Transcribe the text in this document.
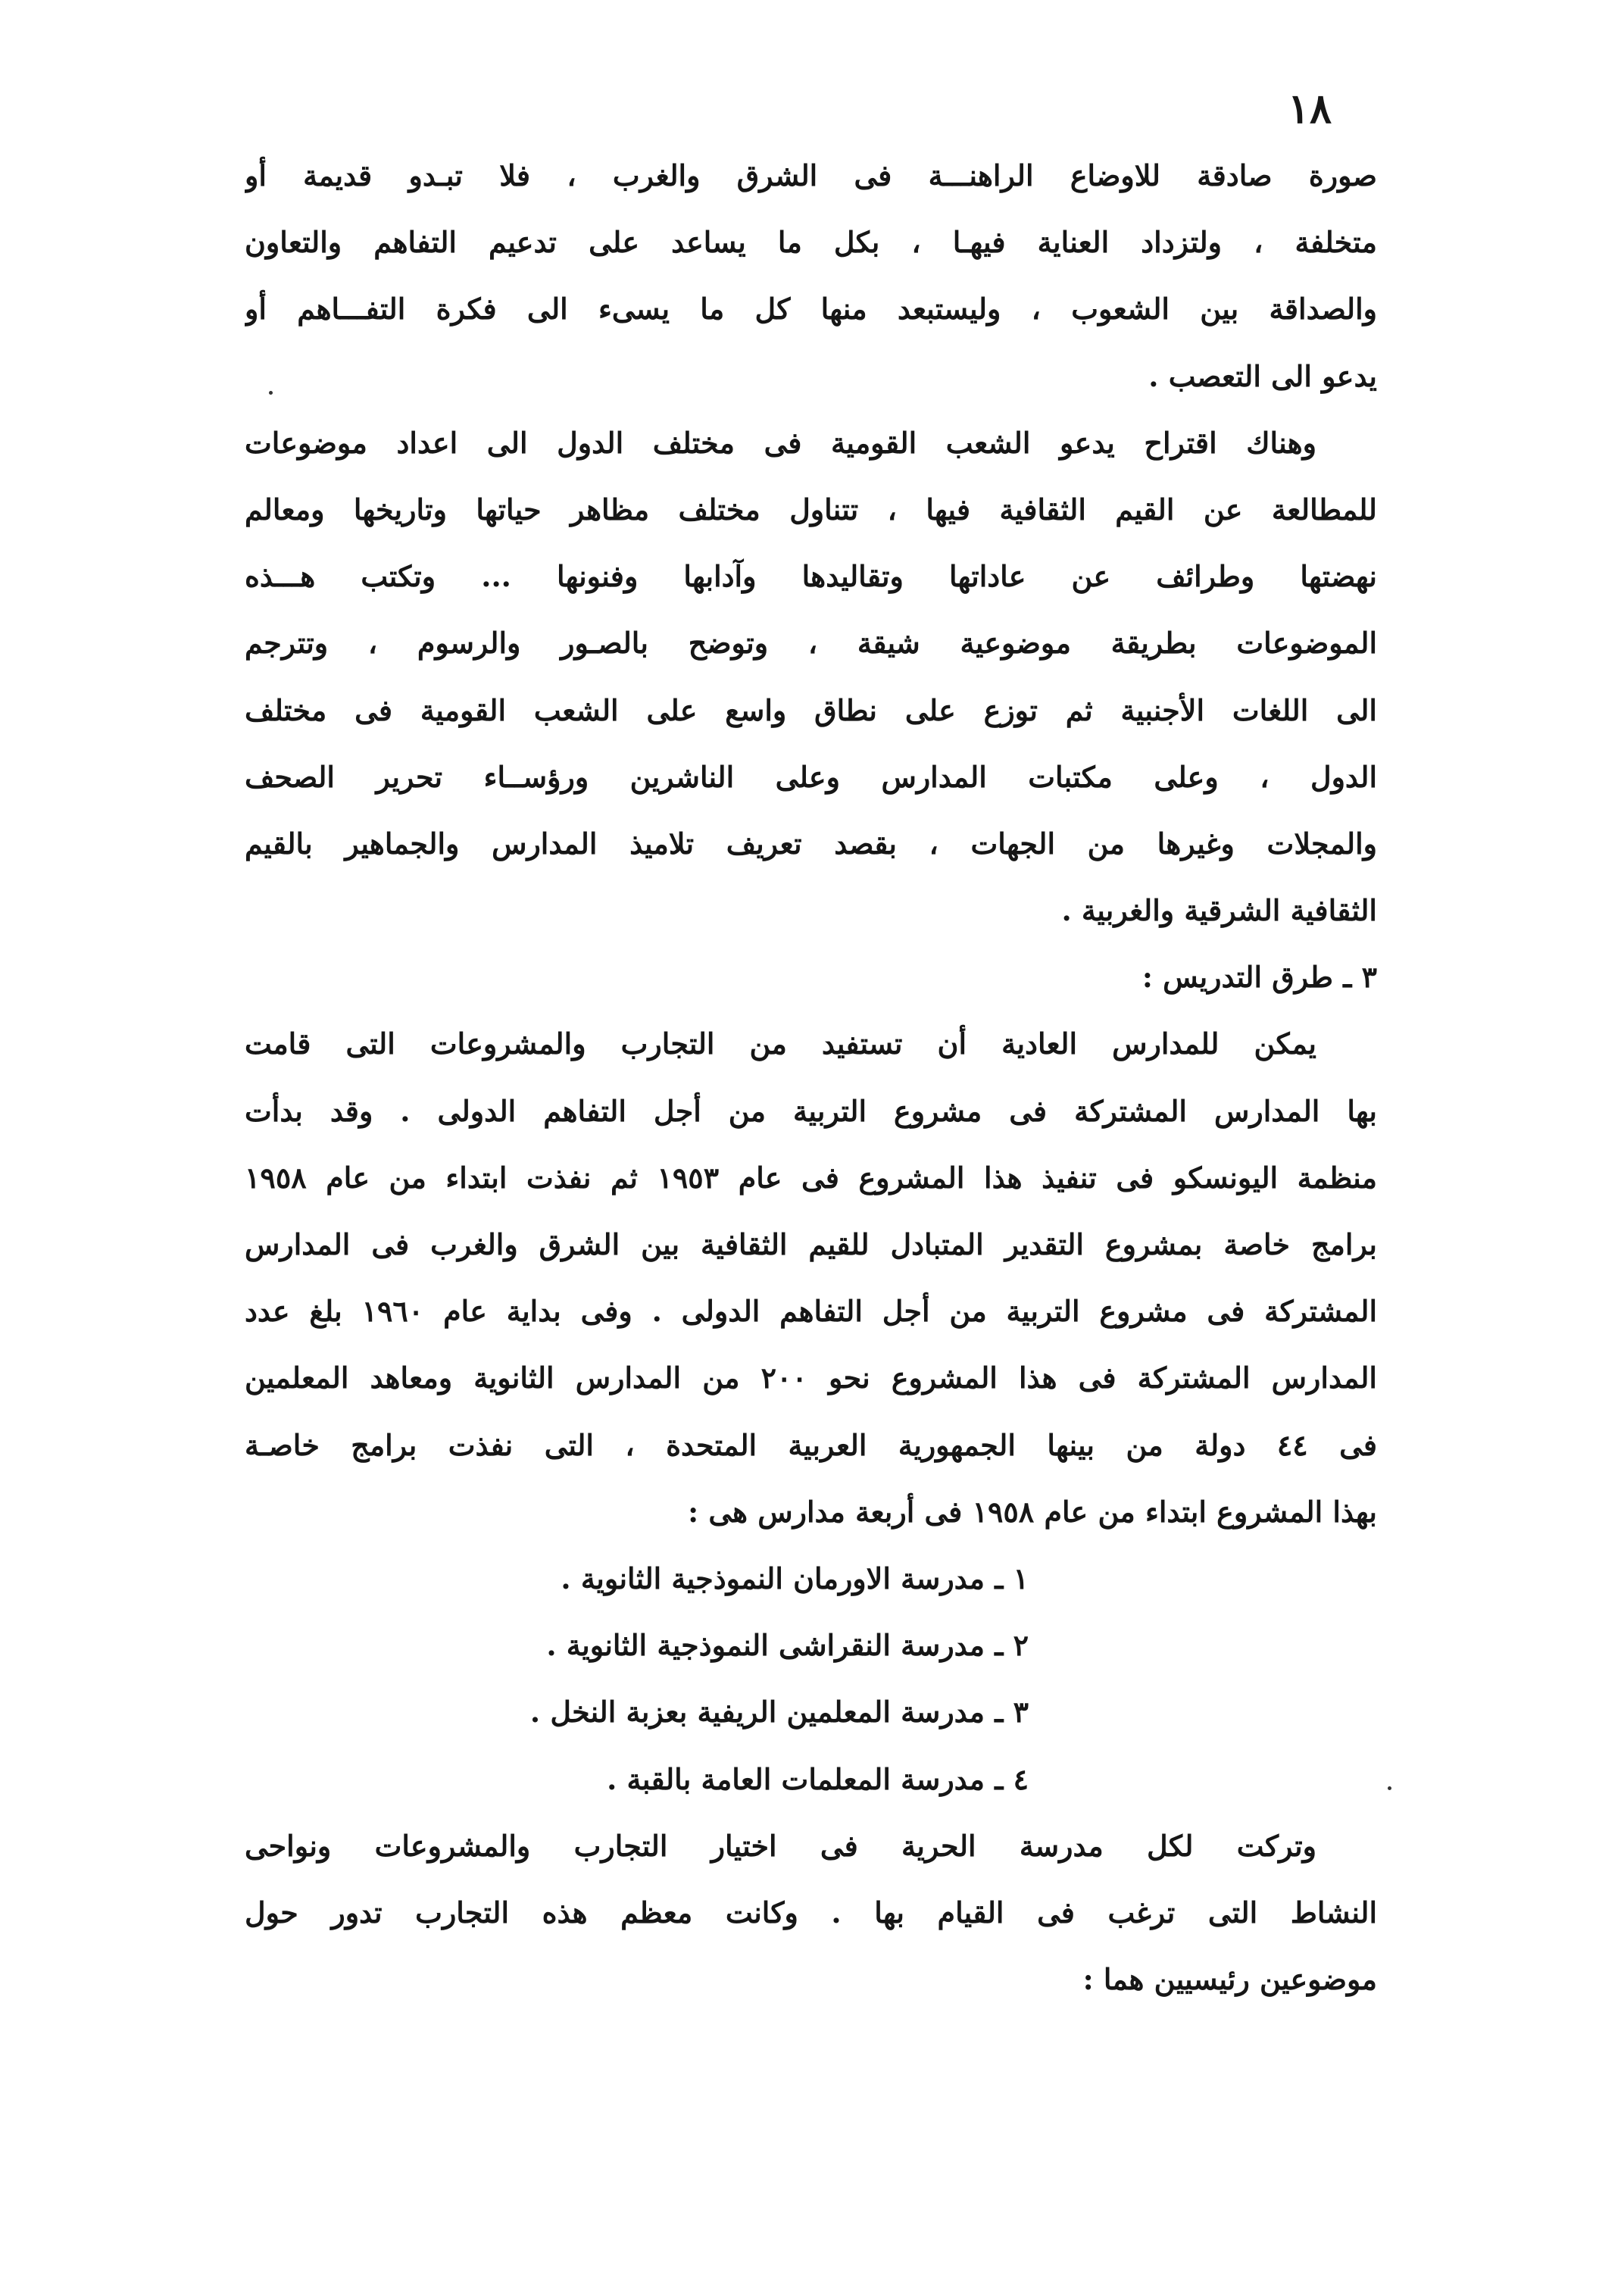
١٨
صورة صادقة للاوضاع الراهنـــة فى الشرق والغرب ، فلا تبـدو قديمة أو
متخلفة ، ولتزداد العناية فيهـا ، بكل ما يساعد على تدعيم التفاهم والتعاون
والصداقة بين الشعوب ، وليستبعد منها كل ما يسىء الى فكرة التفـــاهم أو
يدعو الى التعصب .
وهناك اقتراح يدعو الشعب القومية فى مختلف الدول الى اعداد موضوعات
للمطالعة عن القيم الثقافية فيها ، تتناول مختلف مظاهر حياتها وتاريخها ومعالم
نهضتها وطرائف عن عاداتها وتقاليدها وآدابها وفنونها ... وتكتب هـــذه
الموضوعات بطريقة موضوعية شيقة ، وتوضح بالصـور والرسوم ، وتترجم
الى اللغات الأجنبية ثم توزع على نطاق واسع على الشعب القومية فى مختلف
الدول ، وعلى مكتبات المدارس وعلى الناشرين ورؤســاء تحرير الصحف
والمجلات وغيرها من الجهات ، بقصد تعريف تلاميذ المدارس والجماهير بالقيم
الثقافية الشرقية والغربية .
٣ ـ طرق التدريس :
يمكن للمدارس العادية أن تستفيد من التجارب والمشروعات التى قامت
بها المدارس المشتركة فى مشروع التربية من أجل التفاهم الدولى . وقد بدأت
منظمة اليونسكو فى تنفيذ هذا المشروع فى عام ١٩٥٣ ثم نفذت ابتداء من عام ١٩٥٨
برامج خاصة بمشروع التقدير المتبادل للقيم الثقافية بين الشرق والغرب فى المدارس
المشتركة فى مشروع التربية من أجل التفاهم الدولى . وفى بداية عام ١٩٦٠ بلغ عدد
المدارس المشتركة فى هذا المشروع نحو ٢٠٠ من المدارس الثانوية ومعاهد المعلمين
فى ٤٤ دولة من بينها الجمهورية العربية المتحدة ، التى نفذت برامج خاصـة
بهذا المشروع ابتداء من عام ١٩٥٨ فى أربعة مدارس هى :
١ ـ مدرسة الاورمان النموذجية الثانوية .
٢ ـ مدرسة النقراشى النموذجية الثانوية .
٣ ـ مدرسة المعلمين الريفية بعزبة النخل .
٤ ـ مدرسة المعلمات العامة بالقبة .
وتركت لكل مدرسة الحرية فى اختيار التجارب والمشروعات ونواحى
النشاط التى ترغب فى القيام بها . وكانت معظم هذه التجارب تدور حول
موضوعين رئيسيين هما :
